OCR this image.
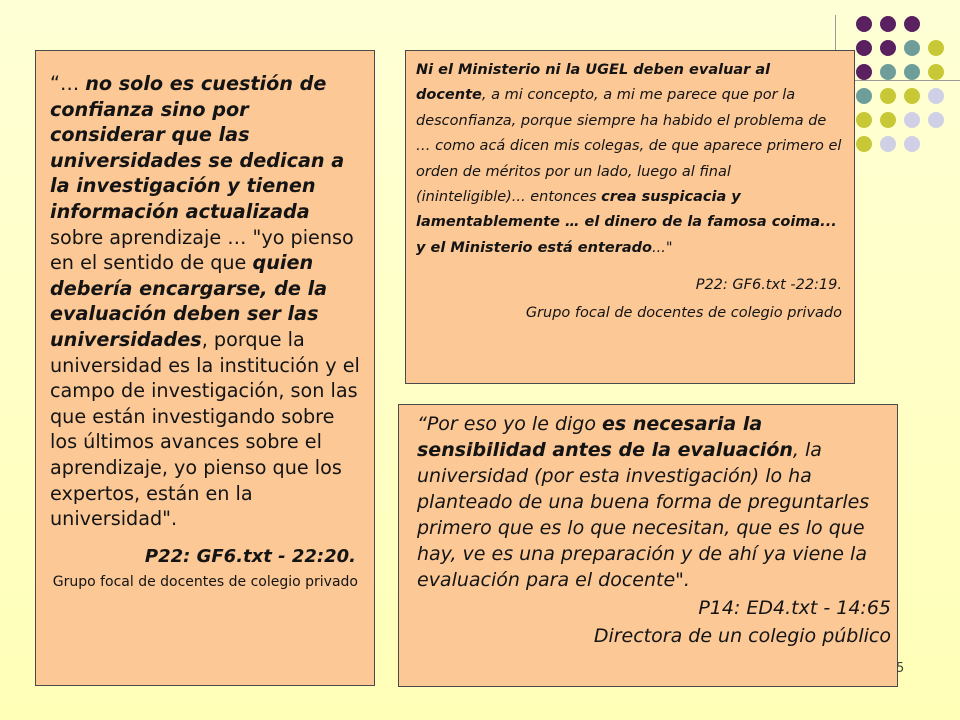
“… no solo es cuestión de confianza sino por considerar que las universidades se dedican a la investigación y tienen información actualizada sobre aprendizaje … "yo pienso en el sentido de que quien debería encargarse, de la evaluación deben ser las universidades, porque la universidad es la institución y el campo de investigación, son las que están investigando sobre los últimos avances sobre el aprendizaje, yo pienso que los expertos, están en la universidad".

P22: GF6.txt - 22:20.

Grupo focal de docentes de colegio privado

Ni el Ministerio ni la UGEL deben evaluar al docente, a mi concepto, a mi me parece que por la desconfianza, porque siempre ha habido el problema de … como acá dicen mis colegas, de que aparece primero el orden de méritos por un lado, luego al final (ininteligible)... entonces crea suspicacia y lamentablemente … el dinero de la famosa coima... y el Ministerio está enterado..."

P22: GF6.txt -22:19.

Grupo focal de docentes de colegio privado

“Por eso yo le digo es necesaria la sensibilidad antes de la evaluación, la universidad (por esta investigación) lo ha planteado de una buena forma de preguntarles primero que es lo que necesitan, que es lo que hay, ve es una preparación y de ahí ya viene la evaluación para el docente".

P14: ED4.txt - 14:65

Directora de un colegio público

5
